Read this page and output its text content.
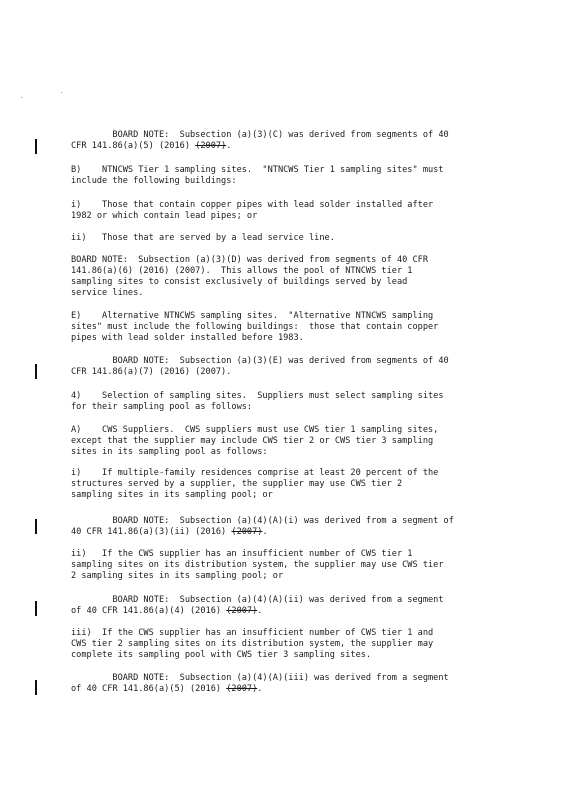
BOARD NOTE:  Subsection (a)(3)(C) was derived from segments of 40
CFR 141.86(a)(5) (2016) (2007).
B)    NTNCWS Tier 1 sampling sites.  "NTNCWS Tier 1 sampling sites" must
include the following buildings:
i)    Those that contain copper pipes with lead solder installed after
1982 or which contain lead pipes; or
ii)   Those that are served by a lead service line.
BOARD NOTE:  Subsection (a)(3)(D) was derived from segments of 40 CFR
141.86(a)(6) (2016) (2007).  This allows the pool of NTNCWS tier 1
sampling sites to consist exclusively of buildings served by lead
service lines.
E)    Alternative NTNCWS sampling sites.  "Alternative NTNCWS sampling
sites" must include the following buildings:  those that contain copper
pipes with lead solder installed before 1983.
BOARD NOTE:  Subsection (a)(3)(E) was derived from segments of 40
CFR 141.86(a)(7) (2016) (2007).
4)    Selection of sampling sites.  Suppliers must select sampling sites
for their sampling pool as follows:
A)    CWS Suppliers.  CWS suppliers must use CWS tier 1 sampling sites,
except that the supplier may include CWS tier 2 or CWS tier 3 sampling
sites in its sampling pool as follows:
i)    If multiple-family residences comprise at least 20 percent of the
structures served by a supplier, the supplier may use CWS tier 2
sampling sites in its sampling pool; or
BOARD NOTE:  Subsection (a)(4)(A)(i) was derived from a segment of
40 CFR 141.86(a)(3)(ii) (2016) (2007).
ii)   If the CWS supplier has an insufficient number of CWS tier 1
sampling sites on its distribution system, the supplier may use CWS tier
2 sampling sites in its sampling pool; or
BOARD NOTE:  Subsection (a)(4)(A)(ii) was derived from a segment
of 40 CFR 141.86(a)(4) (2016) (2007).
iii)  If the CWS supplier has an insufficient number of CWS tier 1 and
CWS tier 2 sampling sites on its distribution system, the supplier may
complete its sampling pool with CWS tier 3 sampling sites.
BOARD NOTE:  Subsection (a)(4)(A)(iii) was derived from a segment
of 40 CFR 141.86(a)(5) (2016) (2007).
